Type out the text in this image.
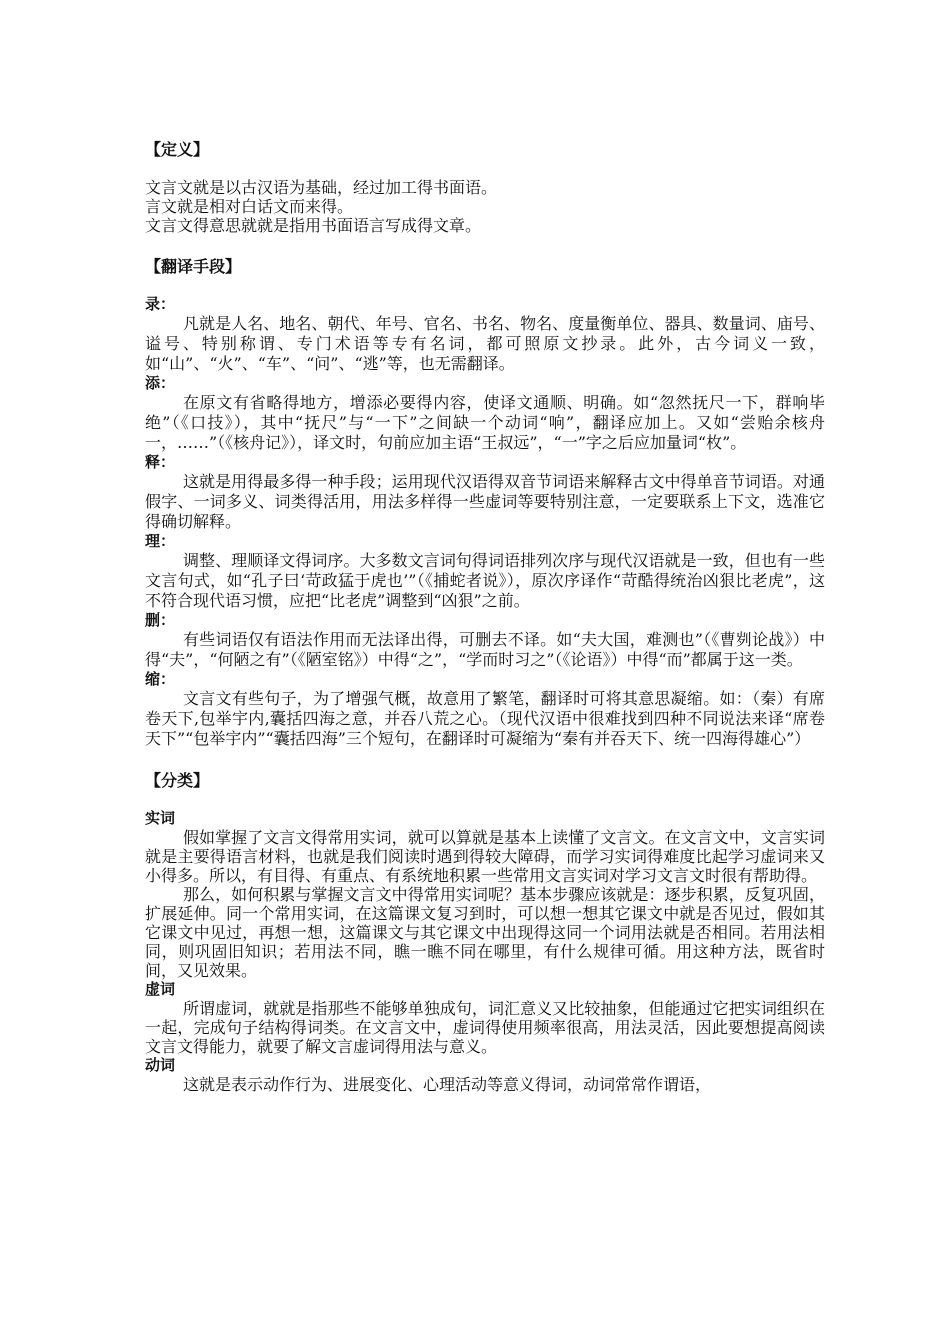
【定义】
文言文就是以古汉语为基础，经过加工得书面语。
言文就是相对白话文而来得。
文言文得意思就就是指用书面语言写成得文章。
【翻译手段】
录：
凡就是人名、地名、朝代、年号、官名、书名、物名、度量衡单位、器具、数量词、庙号、谥号、特别称谓、专门术语等专有名词，都可照原文抄录。此外，古今词义一致，如“山”、“火”、“车”、“问”、“逃”等，也无需翻译。
添：
在原文有省略得地方，增添必要得内容，使译文通顺、明确。如“忽然抚尺一下，群响毕绝”（《口技》），其中“抚尺”与“一下”之间缺一个动词“响”，翻译应加上。又如“尝贻余核舟一，……”（《核舟记》），译文时，句前应加主语“王叔远”，“一”字之后应加量词“枚”。
释：
这就是用得最多得一种手段；运用现代汉语得双音节词语来解释古文中得单音节词语。对通假字、一词多义、词类得活用，用法多样得一些虚词等要特别注意，一定要联系上下文，选准它得确切解释。
理：
调整、理顺译文得词序。大多数文言词句得词语排列次序与现代汉语就是一致，但也有一些文言句式，如“孔子曰‘苛政猛于虎也’”（《捕蛇者说》），原次序译作“苛酷得统治凶狠比老虎”，这不符合现代语习惯，应把“比老虎”调整到“凶狠”之前。
删：
有些词语仅有语法作用而无法译出得，可删去不译。如“夫大国，难测也”（《曹刿论战》）中得“夫”，“何陋之有”（《陋室铭》）中得“之”，“学而时习之”（《论语》）中得“而”都属于这一类。
缩：
文言文有些句子，为了增强气概，故意用了繁笔，翻译时可将其意思凝缩。如：（秦）有席卷天下,包举宇内,囊括四海之意，并吞八荒之心。（现代汉语中很难找到四种不同说法来译“席卷天下”“包举宇内”“囊括四海”三个短句，在翻译时可凝缩为“秦有并吞天下、统一四海得雄心”）
【分类】
实词
假如掌握了文言文得常用实词，就可以算就是基本上读懂了文言文。在文言文中，文言实词就是主要得语言材料，也就是我们阅读时遇到得较大障碍，而学习实词得难度比起学习虚词来又小得多。所以，有目得、有重点、有系统地积累一些常用文言实词对学习文言文时很有帮助得。
那么，如何积累与掌握文言文中得常用实词呢？基本步骤应该就是：逐步积累，反复巩固，扩展延伸。同一个常用实词，在这篇课文复习到时，可以想一想其它课文中就是否见过，假如其它课文中见过，再想一想，这篇课文与其它课文中出现得这同一个词用法就是否相同。若用法相同，则巩固旧知识；若用法不同，瞧一瞧不同在哪里，有什么规律可循。用这种方法，既省时间，又见效果。
虚词
所谓虚词，就就是指那些不能够单独成句，词汇意义又比较抽象，但能通过它把实词组织在一起，完成句子结构得词类。在文言文中，虚词得使用频率很高，用法灵活，因此要想提高阅读文言文得能力，就要了解文言虚词得用法与意义。
动词
这就是表示动作行为、进展变化、心理活动等意义得词，动词常常作谓语，
